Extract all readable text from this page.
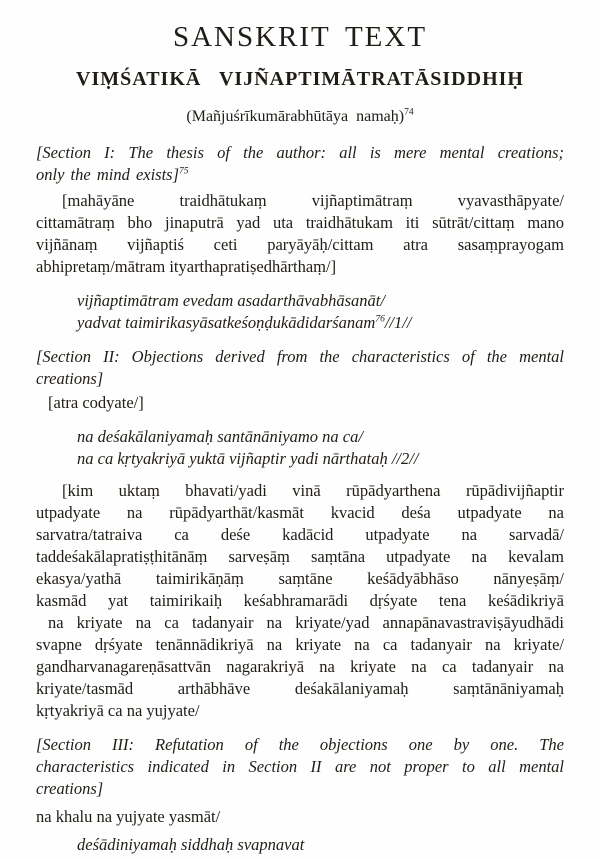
SANSKRIT TEXT
VIṂŚATIKĀ VIJÑAPTIMĀTRATĀSIDDHIḤ
(Mañjuśrīkumārabhūtāya namaḥ)$^{74}$
[Section I: The thesis of the author: all is mere mental creations;
only the mind exists]$^{75}$
[mahāyāne traidhātukaṃ vijñaptimātraṃ vyavasthāpyate/
cittamātraṃ bho jinaputrā yad uta traidhātukam iti sūtrāt/cittaṃ mano
vijñānaṃ vijñaptiś ceti paryāyāḥ/cittam atra sasaṃprayogam
abhipretaṃ/mātram ityarthapratiṣedhārthaṃ/]
vijñaptimātram evedam asadarthāvabhāsanāt/
yadvat taimirikasyāsatkeśoṇḍukādidarśanam$^{76}$//1//
[Section II: Objections derived from the characteristics of the mental
creations]
[atra codyate/]
na deśakālaniyamaḥ santānāniyamo na ca/
na ca kṛtyakriyā yuktā vijñaptir yadi nārthataḥ //2//
[kim uktaṃ bhavati/yadi vinā rūpādyarthena rūpādivijñaptir
utpadyate na rūpādyarthāt/kasmāt kvacid deśa utpadyate na
sarvatra/tatraiva ca deśe kadācid utpadyate na sarvadā/
taddeśakālapratiṣṭhitānāṃ sarveṣāṃ saṃtāna utpadyate na kevalam
ekasya/yathā taimirikāṇāṃ saṃtāne keśādyābhāso nānyeṣāṃ/
kasmād yat taimirikaiḥ keśabhramarādi dṛśyate tena keśādikriyā
na kriyate na ca tadanyair na kriyate/yad annapānavastraviṣāyudhādi
svapne dṛśyate tenānnādikriyā na kriyate na ca tadanyair na kriyate/
gandharvanagareṇāsattvān nagarakriyā na kriyate na ca tadanyair na
kriyate/tasmād arthābhāve deśakālaniyamaḥ saṃtānāniyamaḥ
kṛtyakriyā ca na yujyate/
[Section III: Refutation of the objections one by one. The
characteristics indicated in Section II are not proper to all mental
creations]
na khalu na yujyate yasmāt/
deśādiniyamaḥ siddhaḥ svapnavat
